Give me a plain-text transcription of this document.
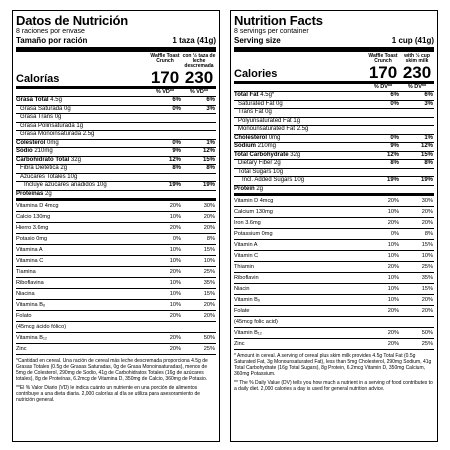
Datos de Nutrición
8 raciones por envase
Tamaño por ración	1 taza (41g)
Waffle Toast Crunch
con ½ taza de leche descremada
Calorías	170 230
% VD**	% VD**
Grasa Total 4.5g	6%	6%
Grasa Saturada 0g	0%	3%
Grasa Trans 0g
Grasa Polinsaturada 1g
Grasa Monoinsaturada 2.5g
Colesterol 0mg	0%	1%
Sodio 210mg	9%	12%
Carbohidrato Total 32g	12%	15%
Fibra Dietética 2g	8%	8%
Azúcares Totales 10g
Incluye azúcares añadidos 10g	19%	19%
Proteínas 2g
Vitamina D 4mcg	20%	30%
Calcio 130mg	10%	20%
Hierro 3.6mg	20%	20%
Potasio 0mg	0%	8%
Vitamina A	10%	15%
Vitamina C	10%	10%
Tiamina	20%	25%
Riboflavina	10%	35%
Niacina	10%	15%
Vitamina B₆	10%	20%
Folato	20%	20%
(45mcg ácido fólico)
Vitamina B₁₂	20%	50%
Zinc	20%	25%

*Cantidad en cereal. Una ración de cereal más leche descremada proporciona 4.5g de Grasas Totales (0.5g de Grasas Saturadas, 0g de Grasa Monoinsaturadas), menos de 5mg de Colesterol, 290mg de Sodio, 41g de Carbohidratos Totales (16g de azúcares totales), 8g de Proteínas, 6.2mcg de Vitamina D, 350mg de Calcio, 360mg de Potasio.

**El % Valor Diario (VD) le indica cuánto un nutriente en una porción de alimentos contribuye a una dieta diaria. 2,000 calorías al día se utiliza para asesoramiento de nutrición general.

Nutrition Facts
8 servings per container
Serving size	1 cup (41g)
Waffle Toast Crunch
with ½ cup skim milk
Calories	170 230
% DV**	% DV**
Total Fat 4.5g*	6%	6%
Saturated Fat 0g	0%	3%
Trans Fat 0g
Polyunsaturated Fat 1g
Monounsaturated Fat 2.5g
Cholesterol 0mg	0%	1%
Sodium 210mg	9%	12%
Total Carbohydrate 32g	12%	15%
Dietary Fiber 2g	8%	8%
Total Sugars 10g
Incl. Added Sugars 10g	19%	19%
Protein 2g
Vitamin D 4mcg	20%	30%
Calcium 130mg	10%	20%
Iron 3.6mg	20%	20%
Potassium 0mg	0%	8%
Vitamin A	10%	15%
Vitamin C	10%	10%
Thiamin	20%	25%
Riboflavin	10%	35%
Niacin	10%	15%
Vitamin B₆	10%	20%
Folate	20%	20%
(45mcg folic acid)
Vitamin B₁₂	20%	50%
Zinc	20%	25%

* Amount in cereal. A serving of cereal plus skim milk provides 4.5g Total Fat (0.5g Saturated Fat, 3g Monounsaturated Fat), less than 5mg Cholesterol, 290mg Sodium, 41g Total Carbohydrate (16g Total Sugars), 8g Protein, 6.2mcg Vitamin D, 350mg Calcium, 360mg Potassium.

** The % Daily Value (DV) tells you how much a nutrient in a serving of food contributes to a daily diet. 2,000 calories a day is used for general nutrition advice.
